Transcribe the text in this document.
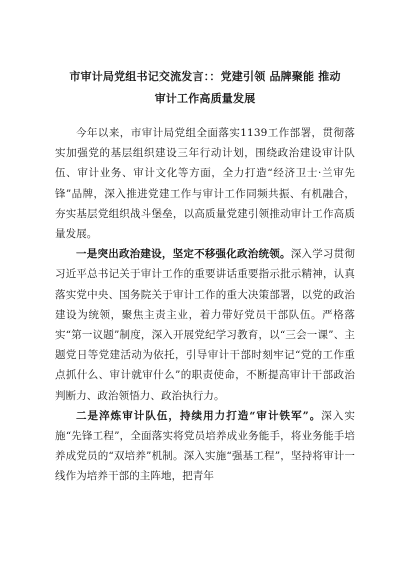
市审计局党组书记交流发言：：党建引领 品牌聚能 推动
审计工作高质量发展

今年以来，市审计局党组全面落实1139工作部署，贯彻落实加强党的基层组织建设三年行动计划，围绕政治建设审计队伍、审计业务、审计文化等方面，全力打造“经济卫士·兰审先锋”品牌，深入推进党建工作与审计工作同频共振、有机融合，夯实基层党组织战斗堡垒，以高质量党建引领推动审计工作高质量发展。

一是突出政治建设，坚定不移强化政治统领。深入学习贯彻习近平总书记关于审计工作的重要讲话重要指示批示精神，认真落实党中央、国务院关于审计工作的重大决策部署，以党的政治建设为统领，聚焦主责主业，着力带好党员干部队伍。严格落实“第一议题”制度，深入开展党纪学习教育，以“三会一课”、主题党日等党建活动为依托，引导审计干部时刻牢记“党的工作重点抓什么、审计就审什么”的职责使命，不断提高审计干部政治判断力、政治领悟力、政治执行力。

二是淬炼审计队伍，持续用力打造“审计铁军”。深入实施“先锋工程”，全面落实将党员培养成业务能手，将业务能手培养成党员的“双培养”机制。深入实施“强基工程”，坚持将审计一线作为培养干部的主阵地，把青年
